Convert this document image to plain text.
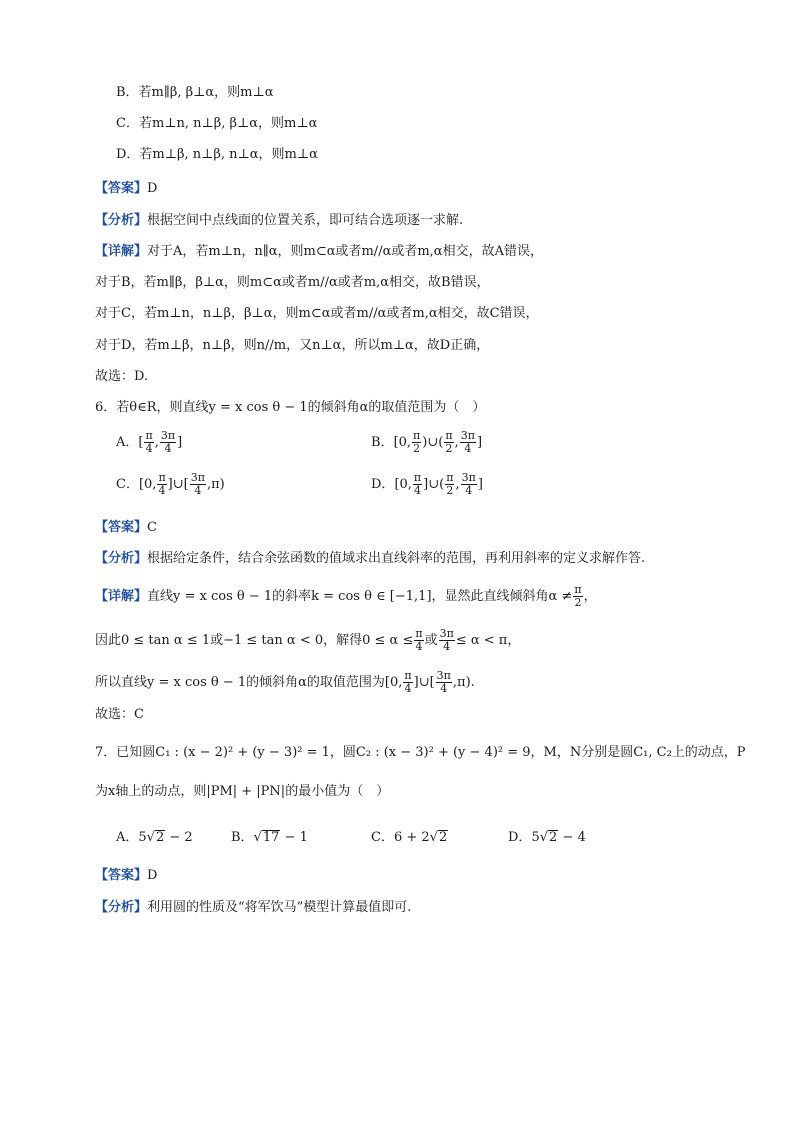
B．若m∥β, β⊥α，则m⊥α
C．若m⊥n, n⊥β, β⊥α，则m⊥α
D．若m⊥β, n⊥β, n⊥α，则m⊥α
【答案】D
【分析】根据空间中点线面的位置关系，即可结合选项逐一求解.
【详解】对于A，若m⊥n，n∥α，则m⊂α或者m//α或者m,α相交，故A错误，
对于B，若m∥β，β⊥α，则m⊂α或者m//α或者m,α相交，故B错误，
对于C，若m⊥n，n⊥β，β⊥α，则m⊂α或者m//α或者m,α相交，故C错误，
对于D，若m⊥β，n⊥β，则n//m，又n⊥α，所以m⊥α，故D正确，
故选：D.
6．若θ∈R，则直线y = x cos θ − 1的倾斜角α的取值范围为（　）
A．[ $\frac{\pi}{4}$ , $\frac{3\pi}{4}$ ]	B．[0, $\frac{\pi}{2}$ )∪( $\frac{\pi}{2}$ , $\frac{3\pi}{4}$ ]
C．[0, $\frac{\pi}{4}$ ]∪[ $\frac{3\pi}{4} ,\pi$)	D．[0, $\frac{\pi}{4}$ ]∪( $\frac{\pi}{2}$ , $\frac{3\pi}{4}$ ]
【答案】C
【分析】根据给定条件，结合余弦函数的值域求出直线斜率的范围，再利用斜率的定义求解作答.
【详解】直线y = x cos θ − 1的斜率k = cos θ ∈ [−1,1]，显然此直线倾斜角$\alpha \ne \frac{\pi}{2}$ ，
因此0 ≤ tan α ≤ 1或−1 ≤ tan α < 0，解得$0 \le \alpha \le \frac{\pi}{4}$ 或 $\frac{3\pi}{4} \le \alpha < \pi$，
所以直线y = x cos θ − 1的倾斜角α的取值范围为[0, $\frac{\pi}{4}$ ]∪[ $\frac{3\pi}{4} ,\pi$).
故选：C
7．已知圆C₁ : (x − 2)² + (y − 3)² = 1，圆C₂ : (x − 3)² + (y − 4)² = 9，M，N分别是圆C₁, C₂上的动点，P
为x轴上的动点，则|PM| + |PN|的最小值为（　）
A．5√2 − 2	B．√17 − 1	C．6 + 2√2	D．5√2 − 4
【答案】D
【分析】利用圆的性质及“将军饮马”模型计算最值即可.
